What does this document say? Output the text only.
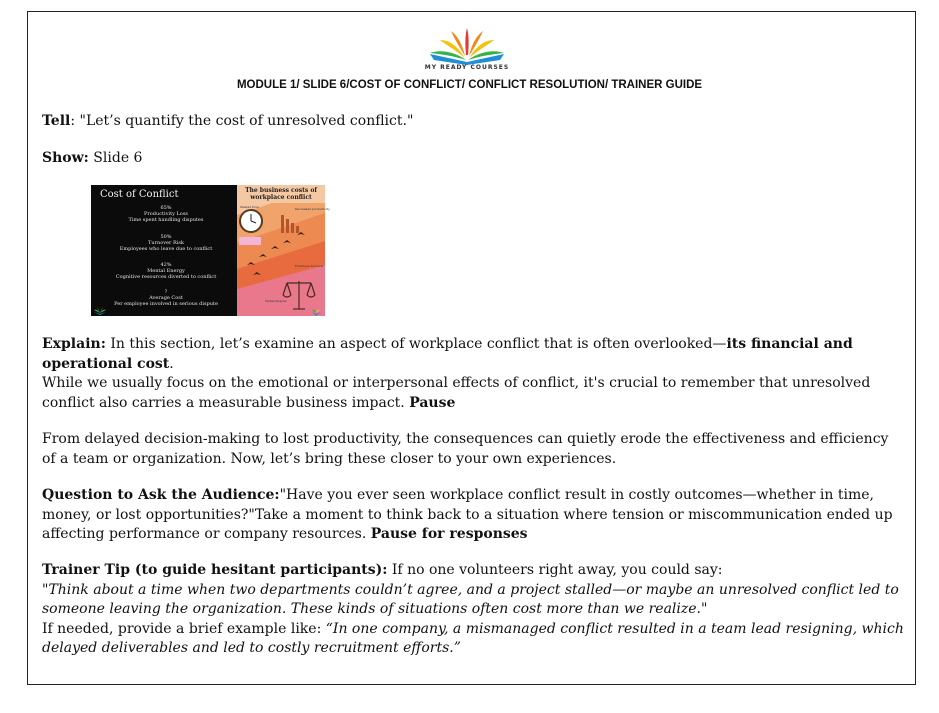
MY READY COURSES
MODULE 1/ SLIDE 6/COST OF CONFLICT/ CONFLICT RESOLUTION/ TRAINER GUIDE
Tell: "Let’s quantify the cost of unresolved conflict."
Show: Slide 6
Cost of Conflict
65%
Productivity Loss
Time spent handling disputes
50%
Turnover Risk
Employees who leave due to conflict
42%
Mental Energy
Cognitive resources diverted to conflict
?
Average Cost
Per employee involved in serious dispute
The business costs of
workplace conflict
Wasted time	Decreased productivity
Employee turnover
Verbal dispute
Explain: In this section, let’s examine an aspect of workplace conflict that is often overlooked—its financial and operational cost.
While we usually focus on the emotional or interpersonal effects of conflict, it's crucial to remember that unresolved conflict also carries a measurable business impact. Pause
From delayed decision-making to lost productivity, the consequences can quietly erode the effectiveness and efficiency of a team or organization. Now, let’s bring these closer to your own experiences.
Question to Ask the Audience:"Have you ever seen workplace conflict result in costly outcomes—whether in time, money, or lost opportunities?"Take a moment to think back to a situation where tension or miscommunication ended up affecting performance or company resources. Pause for responses
Trainer Tip (to guide hesitant participants): If no one volunteers right away, you could say:
"Think about a time when two departments couldn’t agree, and a project stalled—or maybe an unresolved conflict led to someone leaving the organization. These kinds of situations often cost more than we realize."
If needed, provide a brief example like: “In one company, a mismanaged conflict resulted in a team lead resigning, which delayed deliverables and led to costly recruitment efforts.”
